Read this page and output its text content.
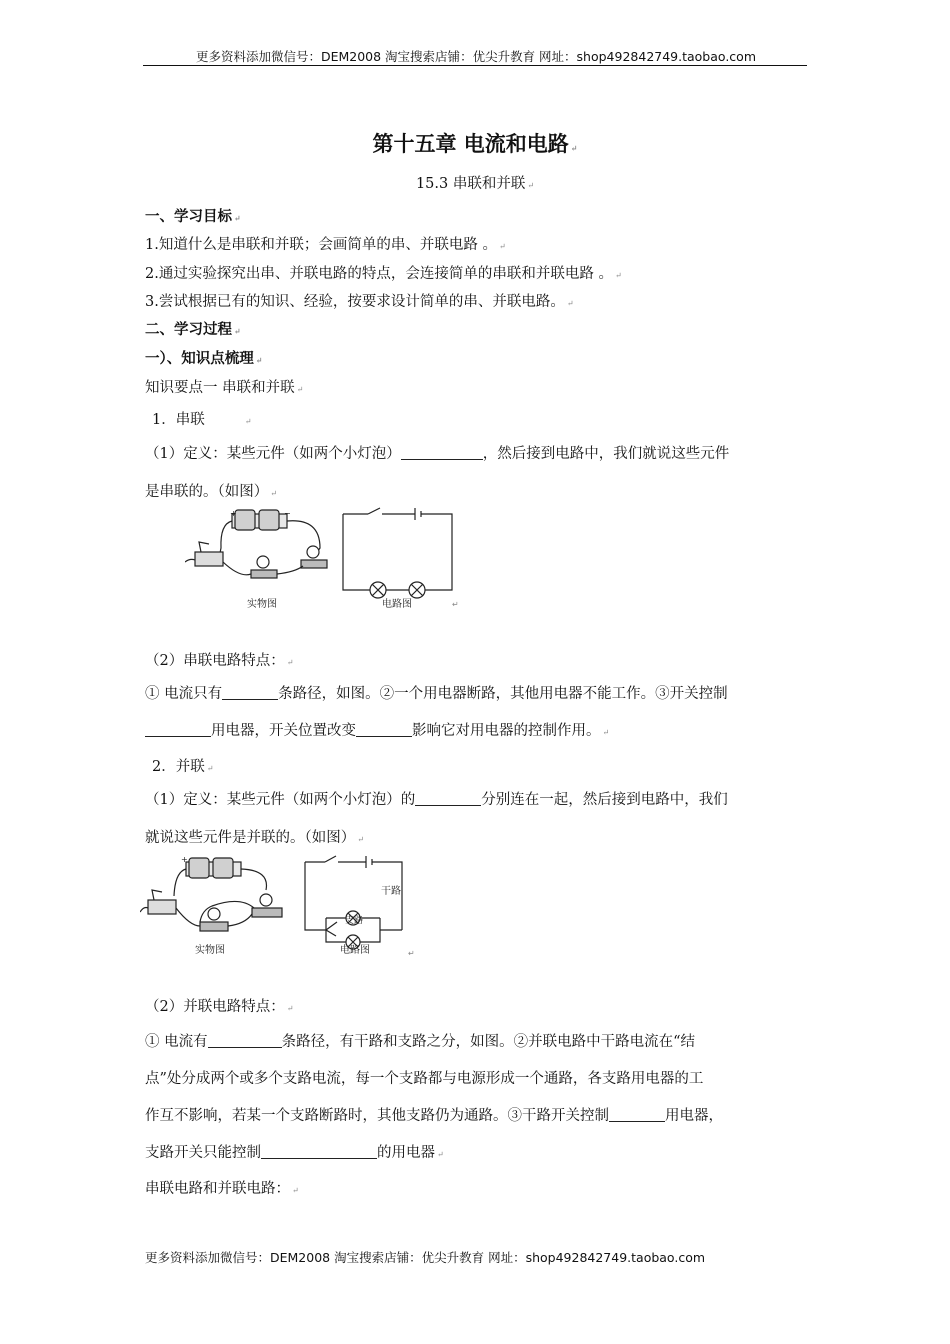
更多资料添加微信号：DEM2008 淘宝搜索店铺：优尖升教育 网址：shop492842749.taobao.com
第十五章 电流和电路 ↵
15.3 串联和并联 ↵
一、学习目标 ↵
1.知道什么是串联和并联；会画简单的串、并联电路 。 ↵
2.通过实验探究出串、并联电路的特点，会连接简单的串联和并联电路 。 ↵
3.尝试根据已有的知识、经验，按要求设计简单的串、并联电路。 ↵
二、学习过程 ↵
一）、知识点梳理 ↵
知识要点一 串联和并联 ↵
1．串联	↵
（1）定义：某些元件（如两个小灯泡）	，然后接到电路中，我们就说这些元件
是串联的。（如图） ↵
+	−
实物图	电路图	↵
（2）串联电路特点： ↵
① 电流只有	条路径，如图。②一个用电器断路，其他用电器不能工作。③开关控制
用电器，开关位置改变	影响它对用电器的控制作用。 ↵
2．并联 ↵
（1）定义：某些元件（如两个小灯泡）的	分别连在一起，然后接到电路中，我们
就说这些元件是并联的。（如图） ↵
+
实物图
干路
支路
电路图	↵
（2）并联电路特点： ↵
① 电流有	条路径，有干路和支路之分，如图。②并联电路中干路电流在“结
点”处分成两个或多个支路电流，每一个支路都与电源形成一个通路，各支路用电器的工
作互不影响，若某一个支路断路时，其他支路仍为通路。③干路开关控制	用电器，
支路开关只能控制	的用电器 ↵
串联电路和并联电路： ↵
更多资料添加微信号：DEM2008 淘宝搜索店铺：优尖升教育 网址：shop492842749.taobao.com
